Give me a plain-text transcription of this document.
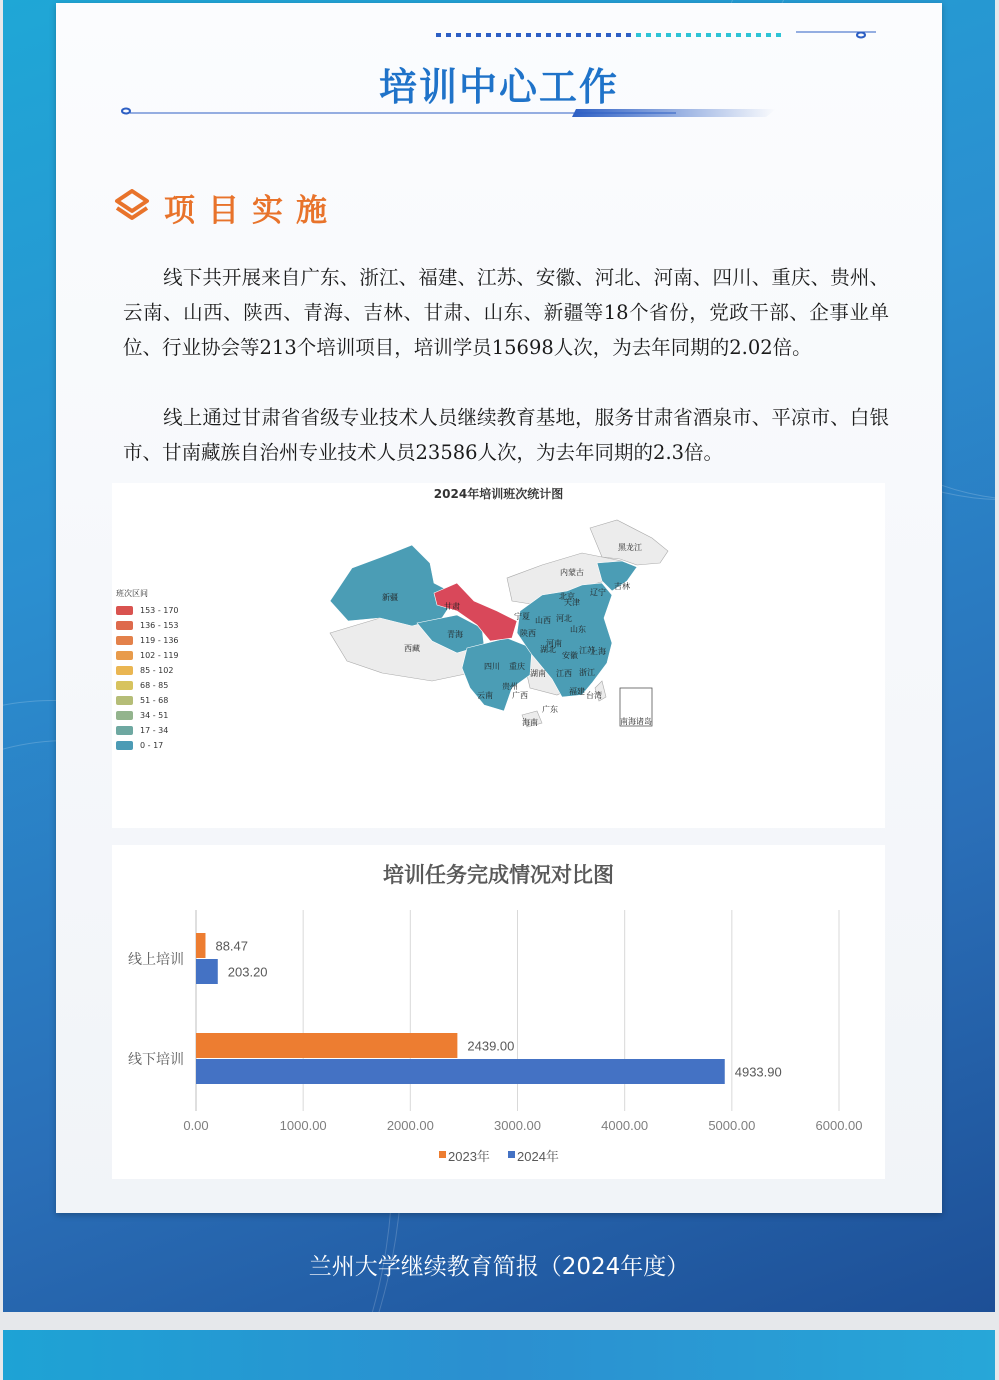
培训中心工作
项目实施
兰州大学继续教育简报（2024年度）
线下共开展来自广东、浙江、福建、江苏、安徽、河北、河南、四川、重庆、贵州、云南、山西、陕西、青海、吉林、甘肃、山东、新疆等18个省份，党政干部、企事业单位、行业协会等213个培训项目，培训学员15698人次，为去年同期的2.02倍。
线上通过甘肃省省级专业技术人员继续教育基地，服务甘肃省酒泉市、平凉市、白银市、甘南藏族自治州专业技术人员23586人次，为去年同期的2.3倍。
2024年培训班次统计图
班次区间
153 - 170
136 - 153
119 - 136
102 - 119
85 - 102
68 - 85
51 - 68
34 - 51
17 - 34
0 - 17
黑龙江
吉林
内蒙古
辽宁
北京
天津
新疆
甘肃
宁夏	河北
山西
山东
青海	陕西
西藏
河南
江苏
安徽
湖北	上海
四川 重庆
浙江
湖南 江西
贵州
云南 广西	福建 台湾
广东
海南	南海诸岛
培训任务完成情况对比图
0.00	1000.00	2000.00	3000.00	4000.00	5000.00	6000.00
线上培训
线下培训
88.47
2439.00
203.20
4933.90
2023年 2024年
